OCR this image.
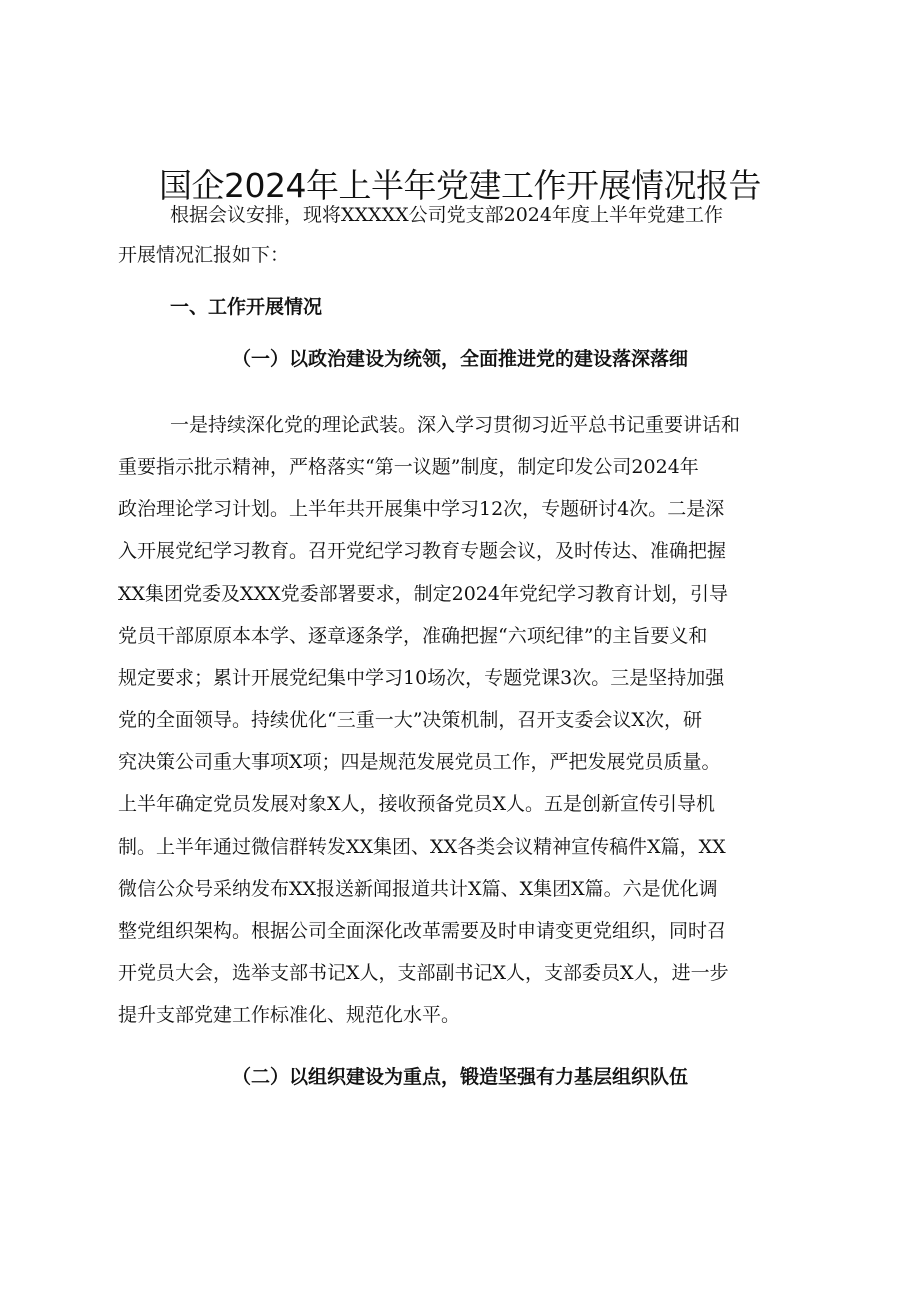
国企2024年上半年党建工作开展情况报告

根据会议安排，现将XXXXX公司党支部2024年度上半年党建工作

开展情况汇报如下：

一、工作开展情况

（一）以政治建设为统领，全面推进党的建设落深落细

一是持续深化党的理论武装。深入学习贯彻习近平总书记重要讲话和

重要指示批示精神，严格落实“第一议题”制度，制定印发公司2024年

政治理论学习计划。上半年共开展集中学习12次，专题研讨4次。二是深

入开展党纪学习教育。召开党纪学习教育专题会议，及时传达、准确把握

XX集团党委及XXX党委部署要求，制定2024年党纪学习教育计划，引导

党员干部原原本本学、逐章逐条学，准确把握“六项纪律”的主旨要义和

规定要求；累计开展党纪集中学习10场次，专题党课3次。三是坚持加强

党的全面领导。持续优化“三重一大”决策机制，召开支委会议X次，研

究决策公司重大事项X项；四是规范发展党员工作，严把发展党员质量。

上半年确定党员发展对象X人，接收预备党员X人。五是创新宣传引导机

制。上半年通过微信群转发XX集团、XX各类会议精神宣传稿件X篇，XX

微信公众号采纳发布XX报送新闻报道共计X篇、X集团X篇。六是优化调

整党组织架构。根据公司全面深化改革需要及时申请变更党组织，同时召

开党员大会，选举支部书记X人，支部副书记X人，支部委员X人，进一步

提升支部党建工作标准化、规范化水平。

（二）以组织建设为重点，锻造坚强有力基层组织队伍
